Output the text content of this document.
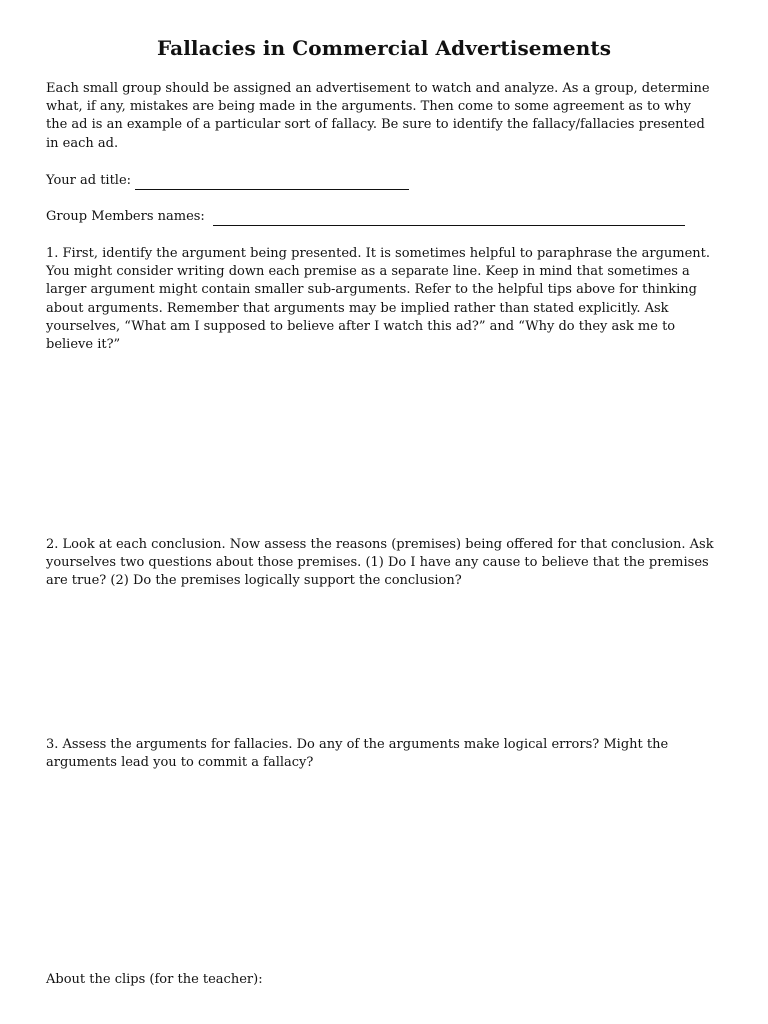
Fallacies in Commercial Advertisements
Each small group should be assigned an advertisement to watch and analyze. As a group, determine what, if any, mistakes are being made in the arguments. Then come to some agreement as to why the ad is an example of a particular sort of fallacy. Be sure to identify the fallacy/fallacies presented in each ad.
Your ad title:
Group Members names:
1. First, identify the argument being presented. It is sometimes helpful to paraphrase the argument. You might consider writing down each premise as a separate line. Keep in mind that sometimes a larger argument might contain smaller sub-arguments. Refer to the helpful tips above for thinking about arguments. Remember that arguments may be implied rather than stated explicitly. Ask yourselves, “What am I supposed to believe after I watch this ad?” and “Why do they ask me to believe it?”
2. Look at each conclusion. Now assess the reasons (premises) being offered for that conclusion. Ask yourselves two questions about those premises. (1) Do I have any cause to believe that the premises are true? (2) Do the premises logically support the conclusion?
3. Assess the arguments for fallacies. Do any of the arguments make logical errors? Might the arguments lead you to commit a fallacy?
About the clips (for the teacher):
